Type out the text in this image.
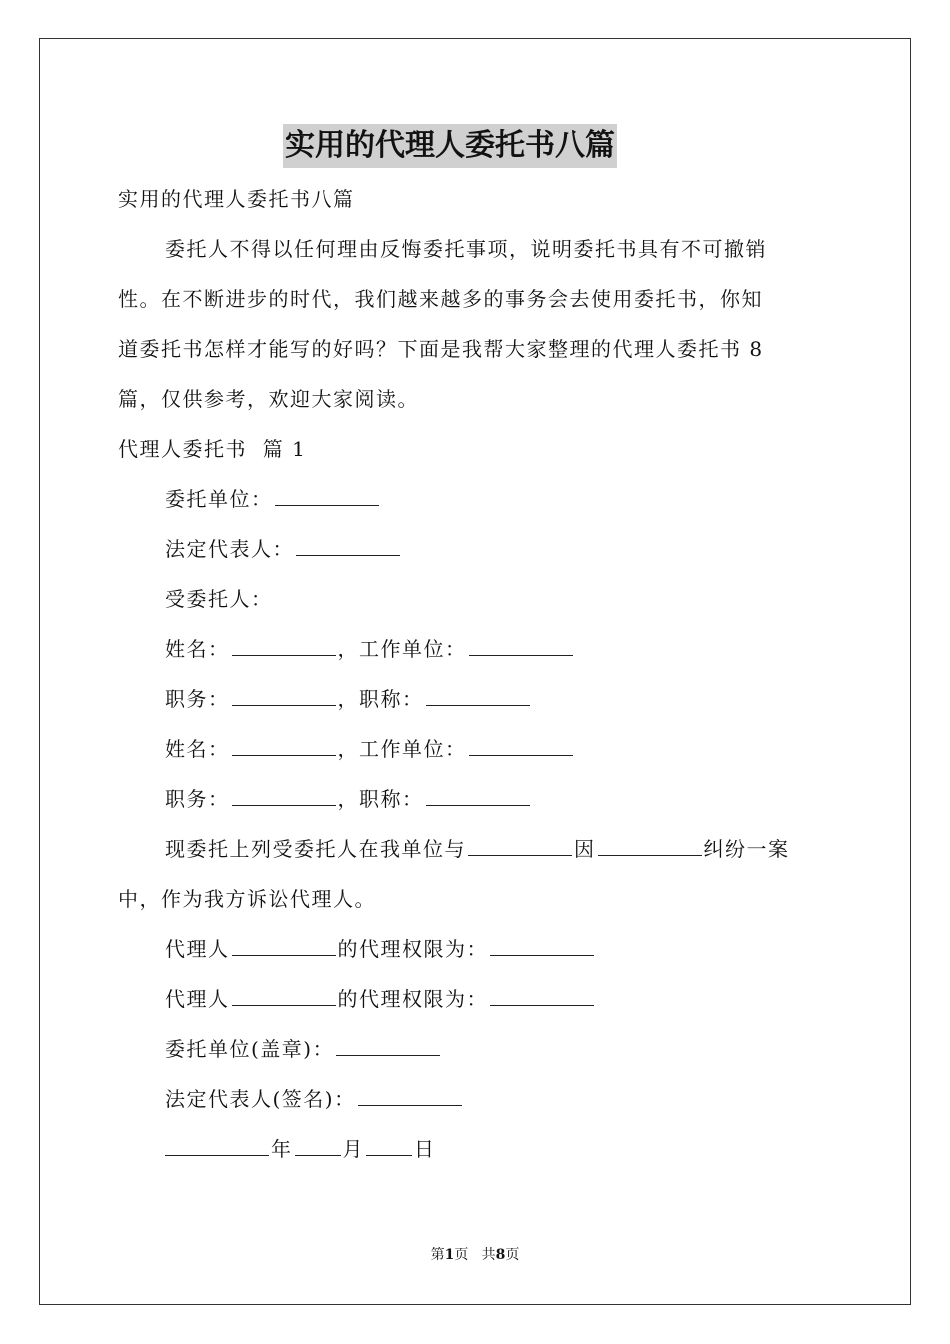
实用的代理人委托书八篇
实用的代理人委托书八篇
委托人不得以任何理由反悔委托事项，说明委托书具有不可撤销
性。在不断进步的时代，我们越来越多的事务会去使用委托书，你知
道委托书怎样才能写的好吗？下面是我帮大家整理的代理人委托书 8
篇，仅供参考，欢迎大家阅读。
代理人委托书  篇 1
委托单位：
法定代表人：
受委托人：
姓名：	，工作单位：
职务：	，职称：
姓名：	，工作单位：
职务：	，职称：
现委托上列受委托人在我单位与	因	纠纷一案
中，作为我方诉讼代理人。
代理人	的代理权限为：
代理人	的代理权限为：
委托单位(盖章)：
法定代表人(签名)：
年	月	日
第1页 共8页
